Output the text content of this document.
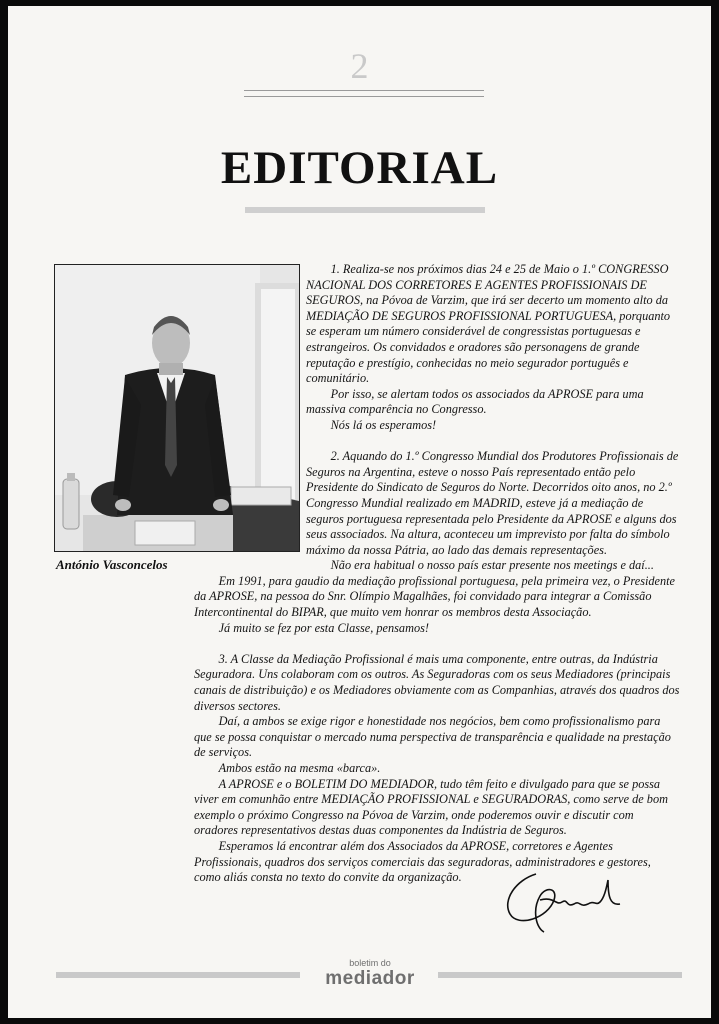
2
EDITORIAL
António Vasconcelos

1. Realiza-se nos próximos dias 24 e 25 de Maio o 1.º CONGRESSO NACIONAL DOS CORRETORES E AGENTES PROFISSIONAIS DE SEGUROS, na Póvoa de Varzim, que irá ser decerto um momento alto da MEDIAÇÃO DE SEGUROS PROFISSIONAL PORTUGUESA, porquanto se esperam um número considerável de congressistas portuguesas e estrangeiros. Os convidados e oradores são personagens de grande reputação e prestígio, conhecidas no meio segurador português e comunitário.

Por isso, se alertam todos os associados da APROSE para uma massiva comparência no Congresso.

Nós lá os esperamos!

2. Aquando do 1.º Congresso Mundial dos Produtores Profissionais de Seguros na Argentina, esteve o nosso País representado então pelo Presidente do Sindicato de Seguros do Norte. Decorridos oito anos, no 2.º Congresso Mundial realizado em MADRID, esteve já a mediação de seguros portuguesa representada pelo Presidente da APROSE e alguns dos seus associados. Na altura, aconteceu um imprevisto por falta do símbolo máximo da nossa Pátria, ao lado das demais representações.

Não era habitual o nosso país estar presente nos meetings e daí...

Em 1991, para gaudio da mediação profissional portuguesa, pela primeira vez, o Presidente da APROSE, na pessoa do Snr. Olímpio Magalhães, foi convidado para integrar a Comissão Intercontinental do BIPAR, que muito vem honrar os membros desta Associação.

Já muito se fez por esta Classe, pensamos!

3. A Classe da Mediação Profissional é mais uma componente, entre outras, da Indústria Seguradora. Uns colaboram com os outros. As Seguradoras com os seus Mediadores (principais canais de distribuição) e os Mediadores obviamente com as Companhias, através dos quadros dos diversos sectores.

Daí, a ambos se exige rigor e honestidade nos negócios, bem como profissionalismo para que se possa conquistar o mercado numa perspectiva de transparência e qualidade na prestação de serviços.

Ambos estão na mesma «barca».

A APROSE e o BOLETIM DO MEDIADOR, tudo têm feito e divulgado para que se possa viver em comunhão entre MEDIAÇÃO PROFISSIONAL e SEGURADORAS, como serve de bom exemplo o próximo Congresso na Póvoa de Varzim, onde poderemos ouvir e discutir com oradores representativos destas duas componentes da Indústria de Seguros.

Esperamos lá encontrar além dos Associados da APROSE, corretores e Agentes Profissionais, quadros dos serviços comerciais das seguradoras, administradores e gestores, como aliás consta no texto do convite da organização.

boletim do
mediador
